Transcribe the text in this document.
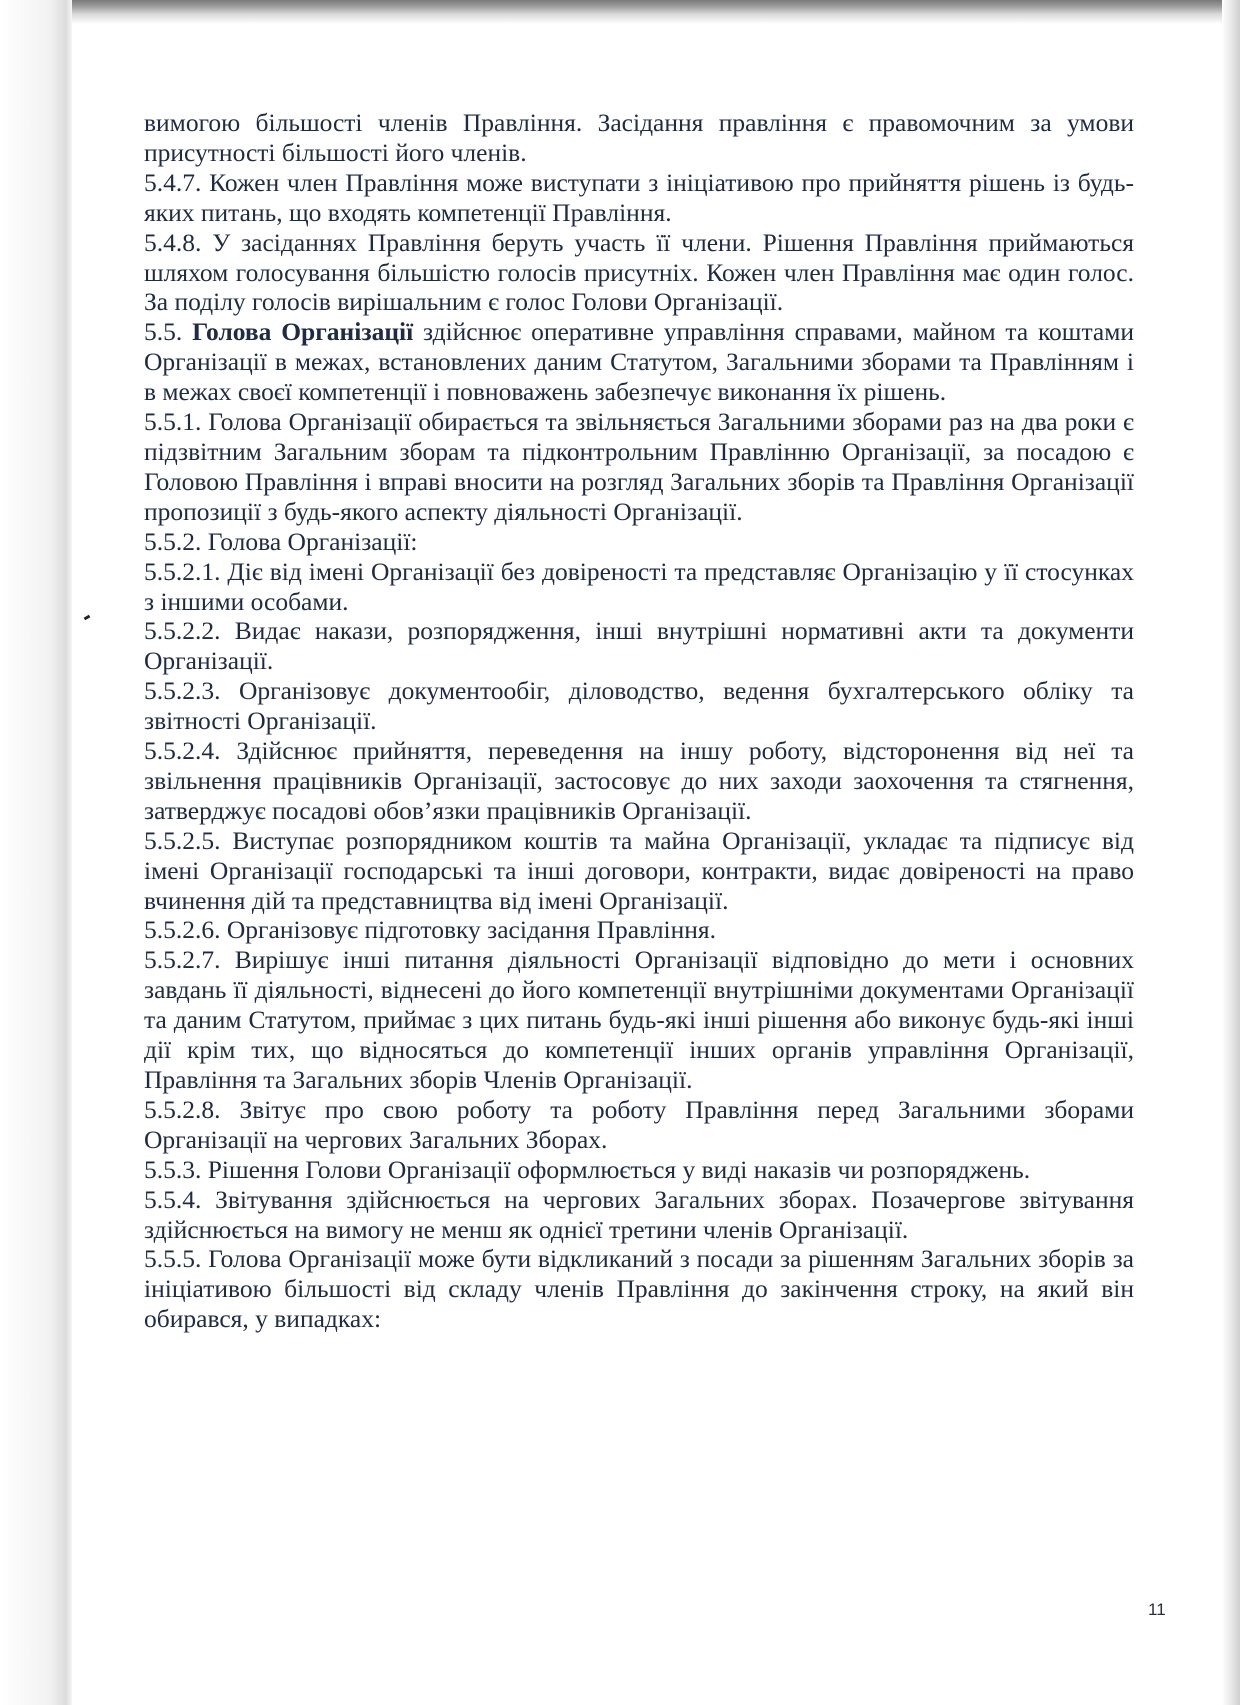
вимогою більшості членів Правління. Засідання правління є правомочним за умови присутності більшості його членів.

5.4.7. Кожен член Правління може виступати з ініціативою про прийняття рішень із будь-яких питань, що входять компетенції Правління.

5.4.8. У засіданнях Правління беруть участь її члени. Рішення Правління приймаються шляхом голосування більшістю голосів присутніх. Кожен член Правління має один голос. За поділу голосів вирішальним є голос Голови Організації.

5.5. Голова Організації здійснює оперативне управління справами, майном та коштами Організації в межах, встановлених даним Статутом, Загальними зборами та Правлінням і в межах своєї компетенції і повноважень забезпечує виконання їх рішень.

5.5.1. Голова Організації обирається та звільняється Загальними зборами раз на два роки є підзвітним Загальним зборам та підконтрольним Правлінню Організації, за посадою є Головою Правління і вправі вносити на розгляд Загальних зборів та Правління Організації пропозиції з будь-якого аспекту діяльності Організації.

5.5.2. Голова Організації:

5.5.2.1. Діє від імені Організації без довіреності та представляє Організацію у її стосунках з іншими особами.

5.5.2.2. Видає накази, розпорядження, інші внутрішні нормативні акти та документи Організації.

5.5.2.3. Організовує документообіг, діловодство, ведення бухгалтерського обліку та звітності Організації.

5.5.2.4. Здійснює прийняття, переведення на іншу роботу, відсторонення від неї та звільнення працівників Організації, застосовує до них заходи заохочення та стягнення, затверджує посадові обов’язки працівників Організації.

5.5.2.5. Виступає розпорядником коштів та майна Організації, укладає та підписує від імені Організації господарські та інші договори, контракти, видає довіреності на право вчинення дій та представництва від імені Організації.

5.5.2.6. Організовує підготовку засідання Правління.

5.5.2.7. Вирішує інші питання діяльності Організації відповідно до мети і основних завдань її діяльності, віднесені до його компетенції внутрішніми документами Організації та даним Статутом, приймає з цих питань будь-які інші рішення або виконує будь-які інші дії крім тих, що відносяться до компетенції інших органів управління Організації, Правління та Загальних зборів Членів Організації.

5.5.2.8. Звітує про свою роботу та роботу Правління перед Загальними зборами Організації на чергових Загальних Зборах.

5.5.3. Рішення Голови Організації оформлюється у виді наказів чи розпоряджень.

5.5.4. Звітування здійснюється на чергових Загальних зборах. Позачергове звітування здійснюється на вимогу не менш як однієї третини членів Організації.

5.5.5. Голова Організації може бути відкликаний з посади за рішенням Загальних зборів за ініціативою більшості від складу членів Правління до закінчення строку, на який він обирався, у випадках:

11
